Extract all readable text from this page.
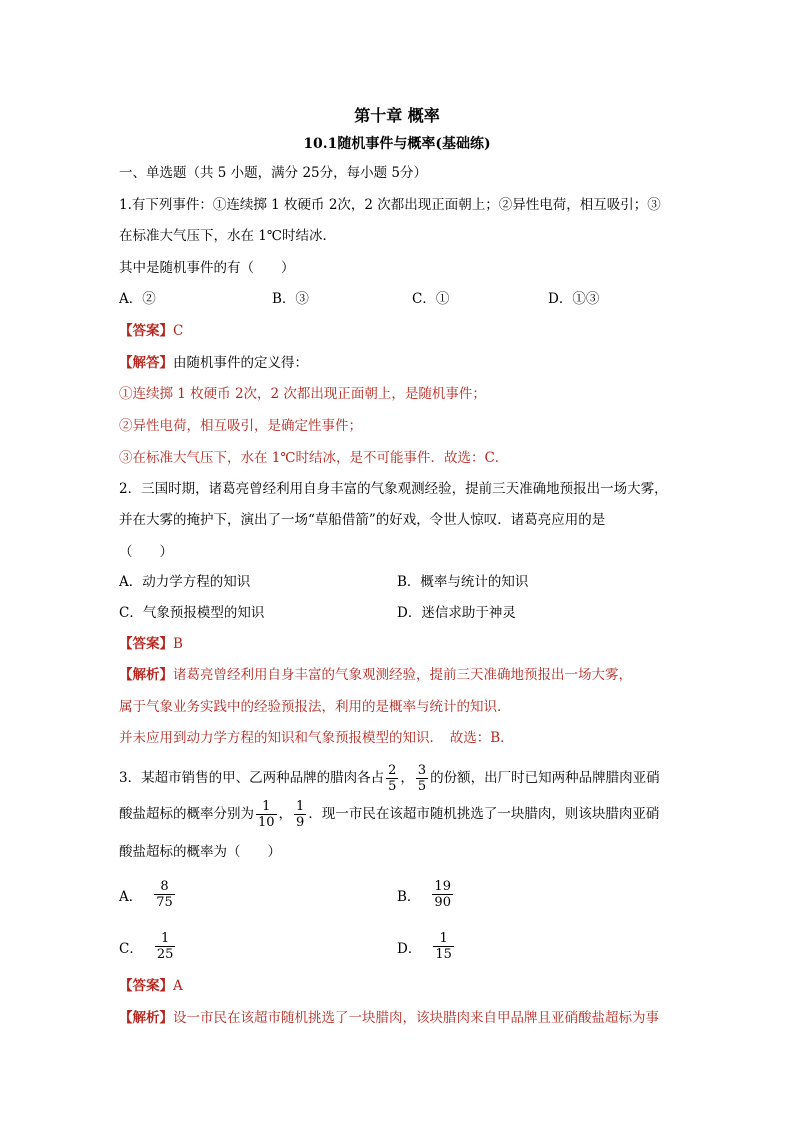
第十章 概率
10.1随机事件与概率(基础练)
一、单选题（共 5 小题，满分 25分，每小题 5分）
1.有下列事件：①连续掷 1 枚硬币 2次，2 次都出现正面朝上；②异性电荷，相互吸引；③
在标准大气压下，水在 1℃时结冰．
其中是随机事件的有（　　）
A．②	B．③	C．①	D．①③
【答案】C
【解答】由随机事件的定义得：
①连续掷 1 枚硬币 2次，2 次都出现正面朝上，是随机事件；
②异性电荷，相互吸引，是确定性事件；
③在标准大气压下，水在 1℃时结冰，是不可能事件．故选：C．
2．三国时期，诸葛亮曾经利用自身丰富的气象观测经验，提前三天准确地预报出一场大雾，
并在大雾的掩护下，演出了一场“草船借箭”的好戏，令世人惊叹．诸葛亮应用的是
（　　）
A．动力学方程的知识	B．概率与统计的知识
C．气象预报模型的知识	D．迷信求助于神灵
【答案】B
【解析】诸葛亮曾经利用自身丰富的气象观测经验，提前三天准确地预报出一场大雾，
属于气象业务实践中的经验预报法，利用的是概率与统计的知识．
并未应用到动力学方程的知识和气象预报模型的知识．　故选：B．
3．某超市销售的甲、乙两种品牌的腊肉各占 $\frac{2}{5}$ ， $\frac{3}{5}$ 的份额，出厂时已知两种品牌腊肉亚硝
酸盐超标的概率分别为 $\frac{1}{10}$ ， $\frac{1}{9}$ ．现一市民在该超市随机挑选了一块腊肉，则该块腊肉亚硝
酸盐超标的概率为（　　）
A． $\frac{8}{75}$	B． $\frac{19}{90}$
C． $\frac{1}{25}$	D． $\frac{1}{15}$
【答案】A
【解析】设一市民在该超市随机挑选了一块腊肉，该块腊肉来自甲品牌且亚硝酸盐超标为事
